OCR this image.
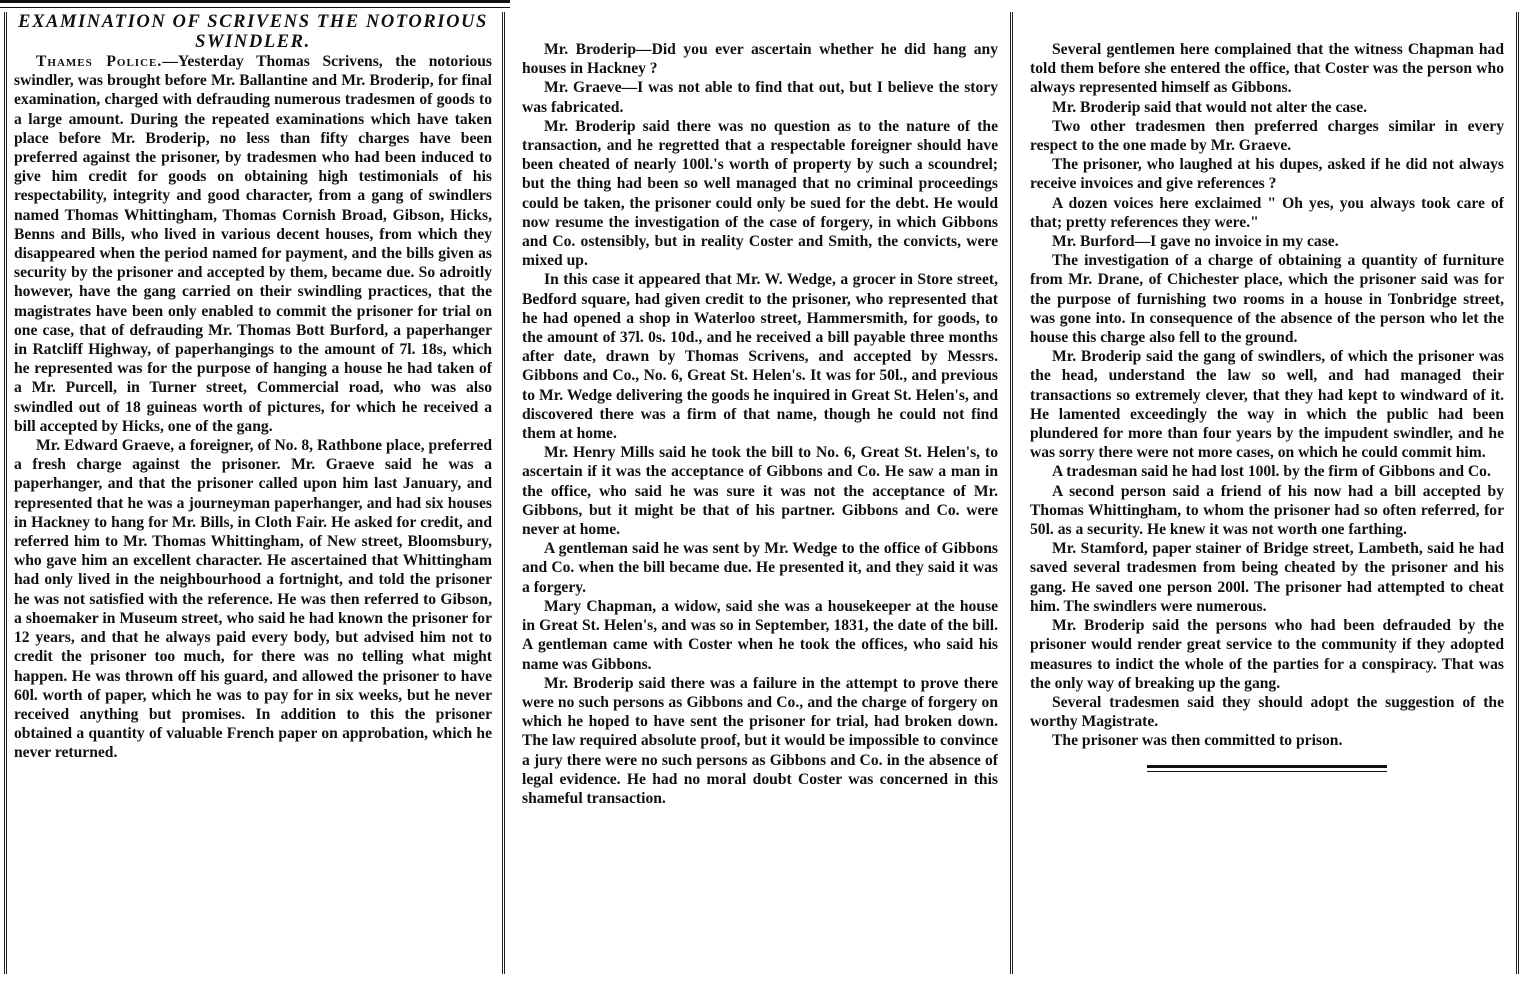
EXAMINATION OF SCRIVENS THE NOTORIOUS SWINDLER.

Thames Police.—Yesterday Thomas Scrivens, the notorious swindler, was brought before Mr. Ballantine and Mr. Broderip, for final examination, charged with defrauding numerous tradesmen of goods to a large amount. During the repeated examinations which have taken place before Mr. Broderip, no less than fifty charges have been preferred against the prisoner, by tradesmen who had been induced to give him credit for goods on obtaining high testimonials of his respectability, integrity and good character, from a gang of swindlers named Thomas Whittingham, Thomas Cornish Broad, Gibson, Hicks, Benns and Bills, who lived in various decent houses, from which they disappeared when the period named for payment, and the bills given as security by the prisoner and accepted by them, became due. So adroitly however, have the gang carried on their swindling practices, that the magistrates have been only enabled to commit the prisoner for trial on one case, that of defrauding Mr. Thomas Bott Burford, a paperhanger in Ratcliff Highway, of paperhangings to the amount of 7l. 18s, which he represented was for the purpose of hanging a house he had taken of a Mr. Purcell, in Turner street, Commercial road, who was also swindled out of 18 guineas worth of pictures, for which he received a bill accepted by Hicks, one of the gang.

Mr. Edward Graeve, a foreigner, of No. 8, Rathbone place, preferred a fresh charge against the prisoner. Mr. Graeve said he was a paperhanger, and that the prisoner called upon him last January, and represented that he was a journeyman paperhanger, and had six houses in Hackney to hang for Mr. Bills, in Cloth Fair. He asked for credit, and referred him to Mr. Thomas Whittingham, of New street, Bloomsbury, who gave him an excellent character. He ascertained that Whittingham had only lived in the neighbourhood a fortnight, and told the prisoner he was not satisfied with the reference. He was then referred to Gibson, a shoemaker in Museum street, who said he had known the prisoner for 12 years, and that he always paid every body, but advised him not to credit the prisoner too much, for there was no telling what might happen. He was thrown off his guard, and allowed the prisoner to have 60l. worth of paper, which he was to pay for in six weeks, but he never received anything but promises. In addition to this the prisoner obtained a quantity of valuable French paper on approbation, which he never returned.

Mr. Broderip—Did you ever ascertain whether he did hang any houses in Hackney ?

Mr. Graeve—I was not able to find that out, but I believe the story was fabricated.

Mr. Broderip said there was no question as to the nature of the transaction, and he regretted that a respectable foreigner should have been cheated of nearly 100l.'s worth of property by such a scoundrel; but the thing had been so well managed that no criminal proceedings could be taken, the prisoner could only be sued for the debt. He would now resume the investigation of the case of forgery, in which Gibbons and Co. ostensibly, but in reality Coster and Smith, the convicts, were mixed up.

In this case it appeared that Mr. W. Wedge, a grocer in Store street, Bedford square, had given credit to the prisoner, who represented that he had opened a shop in Waterloo street, Hammersmith, for goods, to the amount of 37l. 0s. 10d., and he received a bill payable three months after date, drawn by Thomas Scrivens, and accepted by Messrs. Gibbons and Co., No. 6, Great St. Helen's. It was for 50l., and previous to Mr. Wedge delivering the goods he inquired in Great St. Helen's, and discovered there was a firm of that name, though he could not find them at home.

Mr. Henry Mills said he took the bill to No. 6, Great St. Helen's, to ascertain if it was the acceptance of Gibbons and Co. He saw a man in the office, who said he was sure it was not the acceptance of Mr. Gibbons, but it might be that of his partner. Gibbons and Co. were never at home.

A gentleman said he was sent by Mr. Wedge to the office of Gibbons and Co. when the bill became due. He presented it, and they said it was a forgery.

Mary Chapman, a widow, said she was a housekeeper at the house in Great St. Helen's, and was so in September, 1831, the date of the bill. A gentleman came with Coster when he took the offices, who said his name was Gibbons.

Mr. Broderip said there was a failure in the attempt to prove there were no such persons as Gibbons and Co., and the charge of forgery on which he hoped to have sent the prisoner for trial, had broken down. The law required absolute proof, but it would be impossible to convince a jury there were no such persons as Gibbons and Co. in the absence of legal evidence. He had no moral doubt Coster was concerned in this shameful transaction.

Several gentlemen here complained that the witness Chapman had told them before she entered the office, that Coster was the person who always represented himself as Gibbons.

Mr. Broderip said that would not alter the case.

Two other tradesmen then preferred charges similar in every respect to the one made by Mr. Graeve.

The prisoner, who laughed at his dupes, asked if he did not always receive invoices and give references ?

A dozen voices here exclaimed " Oh yes, you always took care of that; pretty references they were."

Mr. Burford—I gave no invoice in my case.

The investigation of a charge of obtaining a quantity of furniture from Mr. Drane, of Chichester place, which the prisoner said was for the purpose of furnishing two rooms in a house in Tonbridge street, was gone into. In consequence of the absence of the person who let the house this charge also fell to the ground.

Mr. Broderip said the gang of swindlers, of which the prisoner was the head, understand the law so well, and had managed their transactions so extremely clever, that they had kept to windward of it. He lamented exceedingly the way in which the public had been plundered for more than four years by the impudent swindler, and he was sorry there were not more cases, on which he could commit him.

A tradesman said he had lost 100l. by the firm of Gibbons and Co.

A second person said a friend of his now had a bill accepted by Thomas Whittingham, to whom the prisoner had so often referred, for 50l. as a security. He knew it was not worth one farthing.

Mr. Stamford, paper stainer of Bridge street, Lambeth, said he had saved several tradesmen from being cheated by the prisoner and his gang. He saved one person 200l. The prisoner had attempted to cheat him. The swindlers were numerous.

Mr. Broderip said the persons who had been defrauded by the prisoner would render great service to the community if they adopted measures to indict the whole of the parties for a conspiracy. That was the only way of breaking up the gang.

Several tradesmen said they should adopt the suggestion of the worthy Magistrate.

The prisoner was then committed to prison.
